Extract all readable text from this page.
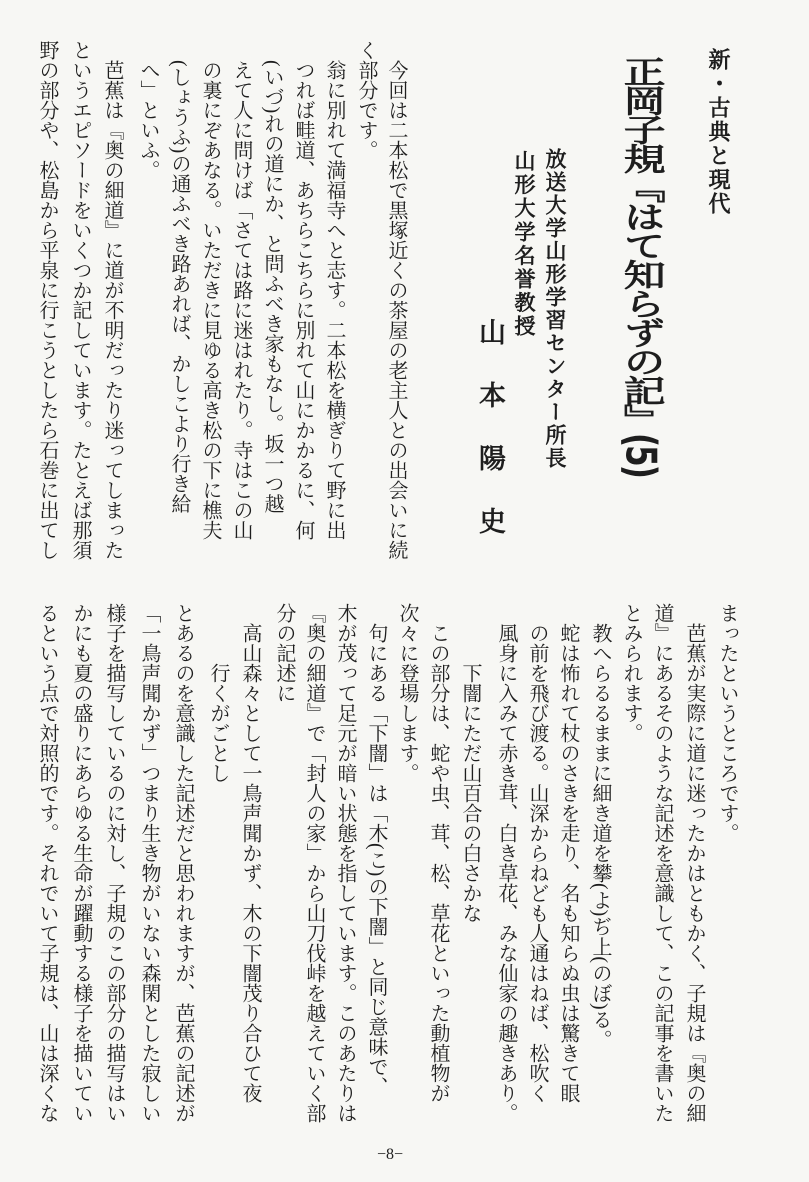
新・古典と現代
正岡子規『はて知らずの記』(5)
放送大学山形学習センター所長
山形大学名誉教授
山本陽史
今回は二本松で黒塚近くの茶屋の老主人との出会いに続
く部分です。
翁に別れて満福寺へと志す。二本松を横ぎりて野に出
つれば畦道、あちらこちらに別れて山にかかるに、何
(いづ)れの道にか、と問ふべき家もなし。坂一つ越
えて人に問けば「さては路に迷はれたり。寺はこの山
の裏にぞあなる。いただきに見ゆる高き松の下に樵夫
(しょうふ)の通ふべき路あれば、かしこより行き給
へ」といふ。
芭蕉は『奥の細道』に道が不明だったり迷ってしまった
というエピソードをいくつか記しています。たとえば那須
野の部分や、松島から平泉に行こうとしたら石巻に出てし
まったというところです。
芭蕉が実際に道に迷ったかはともかく、子規は『奥の細
道』にあるそのような記述を意識して、この記事を書いた
とみられます。
教へらるるままに細き道を攀(よ)ぢ上(のぼ)る。
蛇は怖れて杖のさきを走り、名も知らぬ虫は驚きて眼
の前を飛び渡る。山深からねども人通はねば、松吹く
風身に入みて赤き茸、白き草花、みな仙家の趣きあり。
下闇にただ山百合の白さかな
この部分は、蛇や虫、茸、松、草花といった動植物が
次々に登場します。
句にある「下闇」は「木(こ)の下闇」と同じ意味で、
木が茂って足元が暗い状態を指しています。このあたりは
『奥の細道』で「封人の家」から山刀伐峠を越えていく部
分の記述に
高山森々として一鳥声聞かず、木の下闇茂り合ひて夜
行くがごとし
とあるのを意識した記述だと思われますが、芭蕉の記述が
「一鳥声聞かず」つまり生き物がいない森閑とした寂しい
様子を描写しているのに対し、子規のこの部分の描写はい
かにも夏の盛りにあらゆる生命が躍動する様子を描いてい
るという点で対照的です。それでいて子規は、山は深くな
−8−
